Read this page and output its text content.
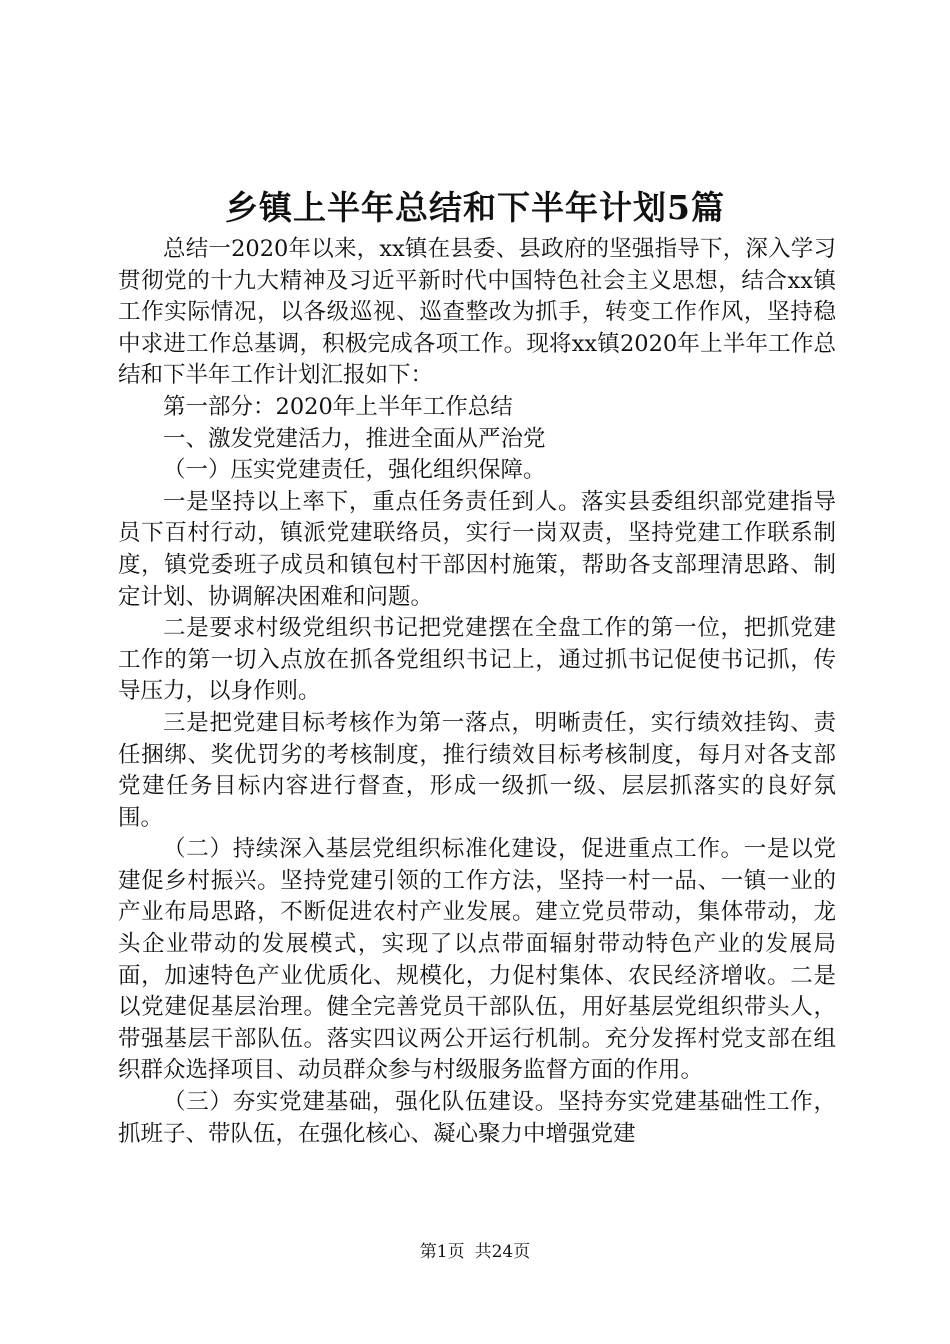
乡镇上半年总结和下半年计划5篇

总结一2020年以来，xx镇在县委、县政府的坚强指导下，深入学习贯彻党的十九大精神及习近平新时代中国特色社会主义思想，结合xx镇工作实际情况，以各级巡视、巡查整改为抓手，转变工作作风，坚持稳中求进工作总基调，积极完成各项工作。现将xx镇2020年上半年工作总结和下半年工作计划汇报如下：

第一部分：2020年上半年工作总结

一、激发党建活力，推进全面从严治党

（一）压实党建责任，强化组织保障。

一是坚持以上率下，重点任务责任到人。落实县委组织部党建指导员下百村行动，镇派党建联络员，实行一岗双责，坚持党建工作联系制度，镇党委班子成员和镇包村干部因村施策，帮助各支部理清思路、制定计划、协调解决困难和问题。

二是要求村级党组织书记把党建摆在全盘工作的第一位，把抓党建工作的第一切入点放在抓各党组织书记上，通过抓书记促使书记抓，传导压力，以身作则。

三是把党建目标考核作为第一落点，明晰责任，实行绩效挂钩、责任捆绑、奖优罚劣的考核制度，推行绩效目标考核制度，每月对各支部党建任务目标内容进行督查，形成一级抓一级、层层抓落实的良好氛围。

（二）持续深入基层党组织标准化建设，促进重点工作。一是以党建促乡村振兴。坚持党建引领的工作方法，坚持一村一品、一镇一业的产业布局思路，不断促进农村产业发展。建立党员带动，集体带动，龙头企业带动的发展模式，实现了以点带面辐射带动特色产业的发展局面，加速特色产业优质化、规模化，力促村集体、农民经济增收。二是以党建促基层治理。健全完善党员干部队伍，用好基层党组织带头人，带强基层干部队伍。落实四议两公开运行机制。充分发挥村党支部在组织群众选择项目、动员群众参与村级服务监督方面的作用。

（三）夯实党建基础，强化队伍建设。坚持夯实党建基础性工作，抓班子、带队伍，在强化核心、凝心聚力中增强党建

第1页 共24页
